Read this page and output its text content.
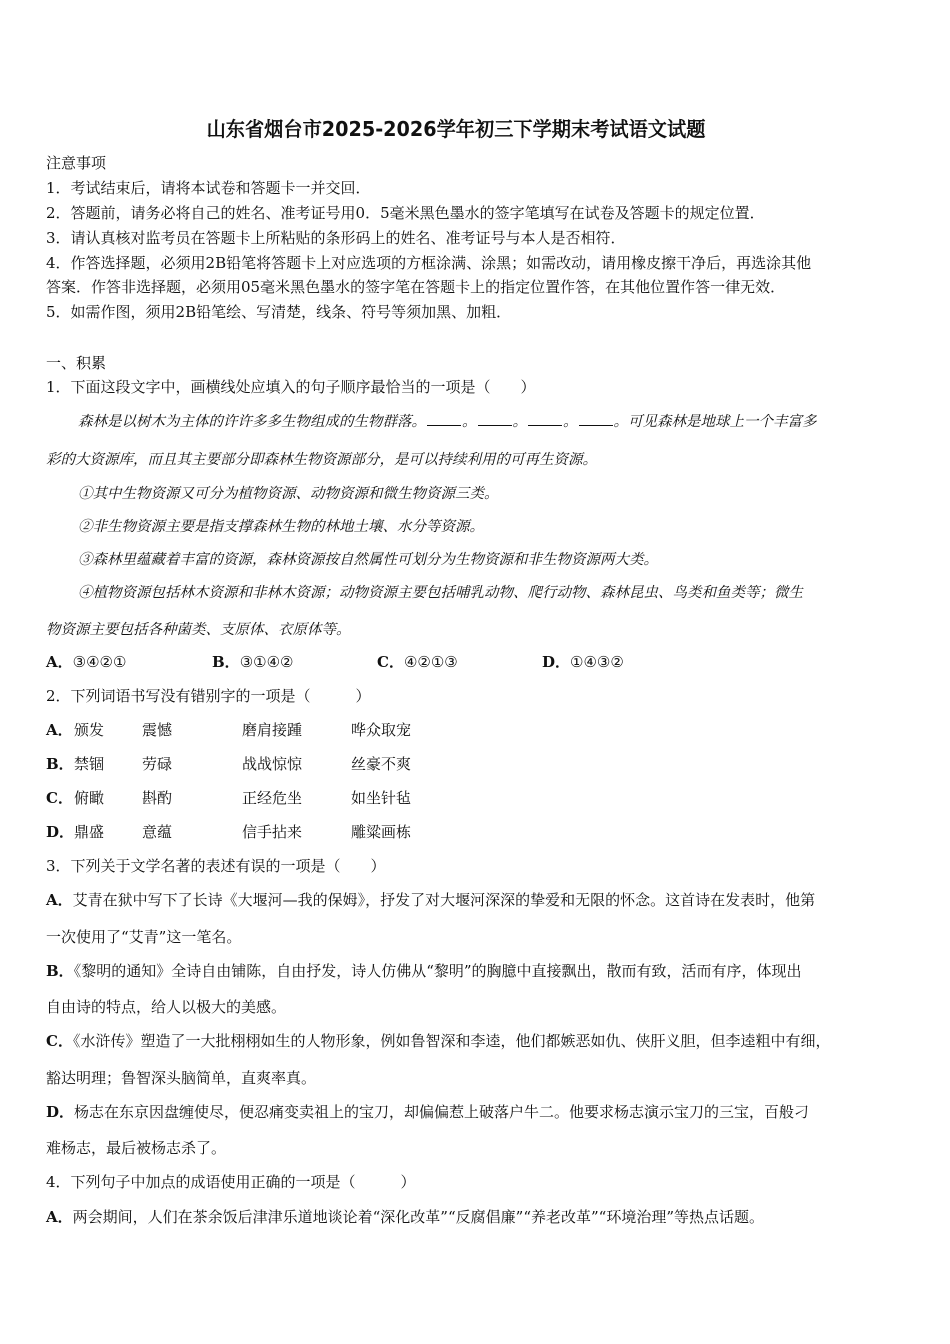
山东省烟台市2025-2026学年初三下学期末考试语文试题
注意事项
1．考试结束后，请将本试卷和答题卡一并交回．
2．答题前，请务必将自己的姓名、准考证号用0．5毫米黑色墨水的签字笔填写在试卷及答题卡的规定位置．
3．请认真核对监考员在答题卡上所粘贴的条形码上的姓名、准考证号与本人是否相符．
4．作答选择题，必须用2B铅笔将答题卡上对应选项的方框涂满、涂黑；如需改动，请用橡皮擦干净后，再选涂其他
答案．作答非选择题，必须用05毫米黑色墨水的签字笔在答题卡上的指定位置作答，在其他位置作答一律无效．
5．如需作图，须用2B铅笔绘、写清楚，线条、符号等须加黑、加粗．
一、积累
1．下面这段文字中，画横线处应填入的句子顺序最恰当的一项是（　　）
森林是以树木为主体的许许多多生物组成的生物群落。 。 。 。 。可见森林是地球上一个丰富多
彩的大资源库，而且其主要部分即森林生物资源部分，是可以持续利用的可再生资源。
①其中生物资源又可分为植物资源、动物资源和微生物资源三类。
②非生物资源主要是指支撑森林生物的林地土壤、水分等资源。
③森林里蕴藏着丰富的资源，森林资源按自然属性可划分为生物资源和非生物资源两大类。
④植物资源包括林木资源和非林木资源；动物资源主要包括哺乳动物、爬行动物、森林昆虫、鸟类和鱼类等；微生
物资源主要包括各种菌类、支原体、衣原体等。
A．③④②①	B．③①④②	C．④②①③	D．①④③②
2．下列词语书写没有错别字的一项是（　　　）
A． 颁发	震憾	磨肩接踵	哗众取宠
B． 禁锢	劳碌	战战惊惊	丝豪不爽
C． 俯瞰	斟酌	正经危坐	如坐针毡
D． 鼎盛	意蕴	信手拈来	雕粱画栋
3．下列关于文学名著的表述有误的一项是（　　）
A．艾青在狱中写下了长诗《大堰河—我的保姆》，抒发了对大堰河深深的挚爱和无限的怀念。这首诗在发表时，他第
一次使用了“艾青”这一笔名。
B．《黎明的通知》全诗自由铺陈，自由抒发，诗人仿佛从“黎明”的胸臆中直接飘出，散而有致，活而有序，体现出
自由诗的特点，给人以极大的美感。
C．《水浒传》塑造了一大批栩栩如生的人物形象，例如鲁智深和李逵，他们都嫉恶如仇、侠肝义胆，但李逵粗中有细，
豁达明理；鲁智深头脑简单，直爽率真。
D．杨志在东京因盘缠使尽，便忍痛变卖祖上的宝刀，却偏偏惹上破落户牛二。他要求杨志演示宝刀的三宝，百般刁
难杨志，最后被杨志杀了。
4．下列句子中加点的成语使用正确的一项是（　　　）
A．两会期间，人们在茶余饭后津津乐道地谈论着“深化改革”“反腐倡廉”“养老改革”“环境治理”等热点话题。
